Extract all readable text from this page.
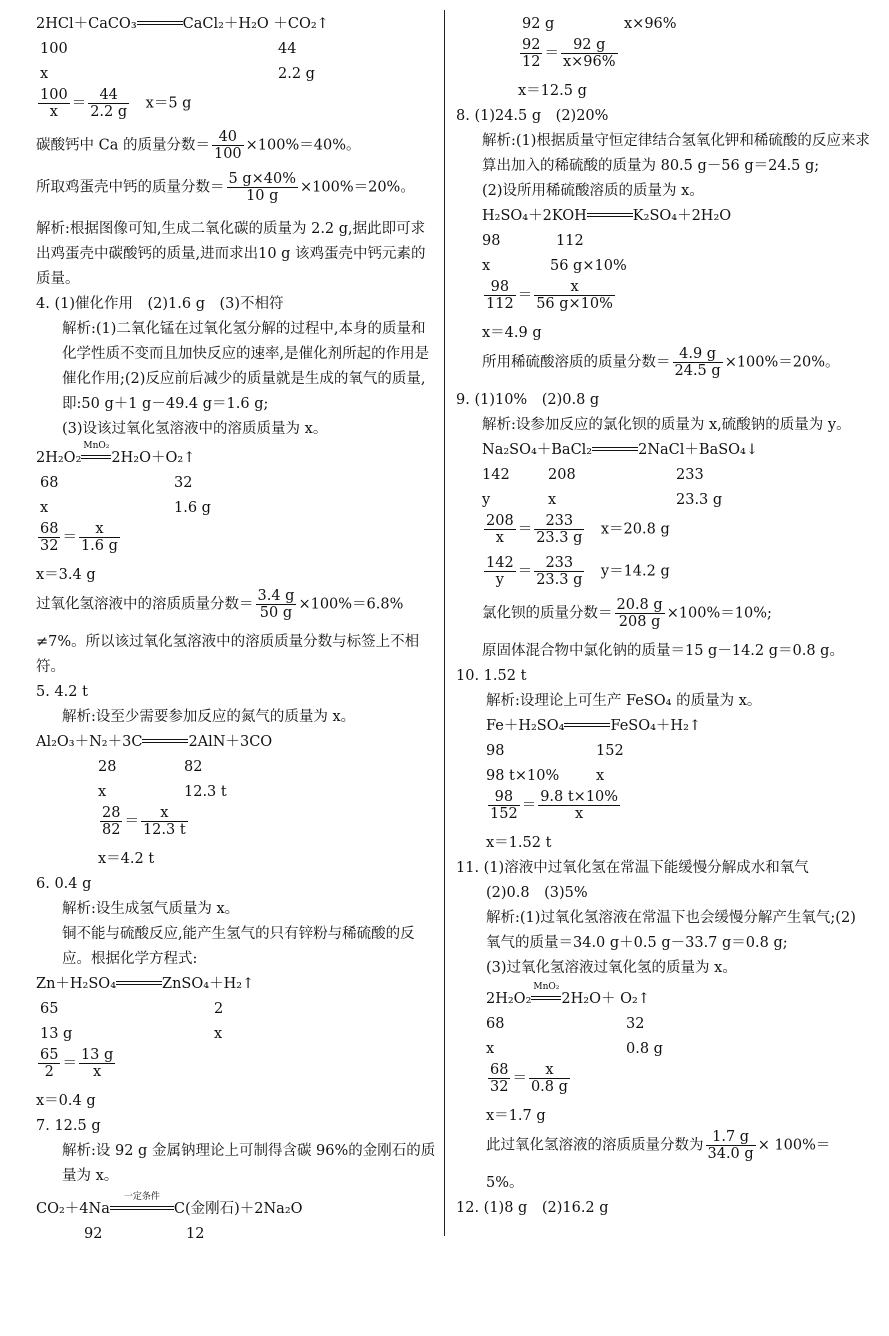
2HCl＋CaCO₃	CaCl₂＋H₂O ＋CO₂↑
100	44
x	2.2 g
$\frac{100}{x} = \frac{44}{2.2 g}$
　 x＝5 g
碳酸钙中 Ca 的质量分数＝ $\frac{40}{100} \times 100\%=40\%$。
所取鸡蛋壳中钙的质量分数＝ $\frac{5 g\times 40\%}{10 g} \times 100\%=20\%$。
解析:根据图像可知,生成二氧化碳的质量为 2.2 g,据此即可求出鸡蛋壳中碳酸钙的质量,进而求出10 g 该鸡蛋壳中钙元素的质量。
4. (1)催化作用　(2)1.6 g　(3)不相符
解析:(1)二氧化锰在过氧化氢分解的过程中,本身的质量和化学性质不变而且加快反应的速率,是催化剂所起的作用是催化作用;(2)反应前后减少的质量就是生成的氧气的质量,即:50 g＋1 g－49.4 g＝1.6 g;
(3)设该过氧化氢溶液中的溶质质量为 x。
2H₂O₂
MnO₂
2H₂O＋O₂↑
68	32
x	1.6 g
$\frac{68}{32} = \frac{x}{1.6 g}$
x＝3.4 g
过氧化氢溶液中的溶质质量分数＝ $\frac{3.4 g}{50 g} \times 100\%=6.8\%$
≠7%。所以该过氧化氢溶液中的溶质质量分数与标签上不相符。
5. 4.2 t
解析:设至少需要参加反应的氮气的质量为 x。
Al₂O₃＋N₂＋3C	2AlN＋3CO
28	82
x	12.3 t
$\frac{28}{82} = \frac{x}{12.3 t}$
x＝4.2 t
6. 0.4 g
解析:设生成氢气质量为 x。
铜不能与硫酸反应,能产生氢气的只有锌粉与稀硫酸的反应。根据化学方程式:
Zn＋H₂SO₄	ZnSO₄＋H₂↑
65	2
13 g	x
$\frac{65}{2} = \frac{13 g}{x}$
x＝0.4 g
7. 12.5 g
解析:设 92 g 金属钠理论上可制得含碳 96%的金刚石的质量为 x。
CO₂＋4Na
一定条件
C(金刚石)＋2Na₂O
92	12
92 g	x×96%
$\frac{92}{12} = \frac{92 g}{x\times 96\%}$
x＝12.5 g
8. (1)24.5 g　(2)20%
解析:(1)根据质量守恒定律结合氢氧化钾和稀硫酸的反应来求算出加入的稀硫酸的质量为 80.5 g－56 g＝24.5 g;
(2)设所用稀硫酸溶质的质量为 x。
H₂SO₄＋2KOH	K₂SO₄＋2H₂O
98	112
x	56 g×10%
$\frac{98}{112} = \frac{x}{56 g\times 10\%}$
x＝4.9 g
所用稀硫酸溶质的质量分数＝ $\frac{4.9 g}{24.5 g} \times 100\%=20\%$。
9. (1)10%　(2)0.8 g
解析:设参加反应的氯化钡的质量为 x,硫酸钠的质量为 y。
Na₂SO₄＋BaCl₂	2NaCl＋BaSO₄↓
142	208	233
y	x	23.3 g
$\frac{208}{x} = \frac{233}{23.3 g}$
　 x＝20.8 g
$\frac{142}{y} = \frac{233}{23.3 g}$
　 y＝14.2 g
氯化钡的质量分数＝ $\frac{20.8 g}{208 g} \times 100\%=10\%$;
原固体混合物中氯化钠的质量＝15 g－14.2 g＝0.8 g。
10. 1.52 t
解析:设理论上可生产 FeSO₄ 的质量为 x。
Fe＋H₂SO₄	FeSO₄＋H₂↑
98	152
98 t×10%	x
$\frac{98}{152} = \frac{9.8 t\times 10\%}{x}$
x＝1.52 t
11. (1)溶液中过氧化氢在常温下能缓慢分解成水和氧气
(2)0.8　(3)5%
解析:(1)过氧化氢溶液在常温下也会缓慢分解产生氧气;(2)氧气的质量＝34.0 g＋0.5 g－33.7 g＝0.8 g;
(3)过氧化氢溶液过氧化氢的质量为 x。
2H₂O₂
MnO₂
2H₂O＋ O₂↑
68	32
x	0.8 g
$\frac{68}{32} = \frac{x}{0.8 g}$
x＝1.7 g
此过氧化氢溶液的溶质质量分数为 $\frac{1.7 g}{34.0 g} \times 100\%=$
5%。
12. (1)8 g　(2)16.2 g
